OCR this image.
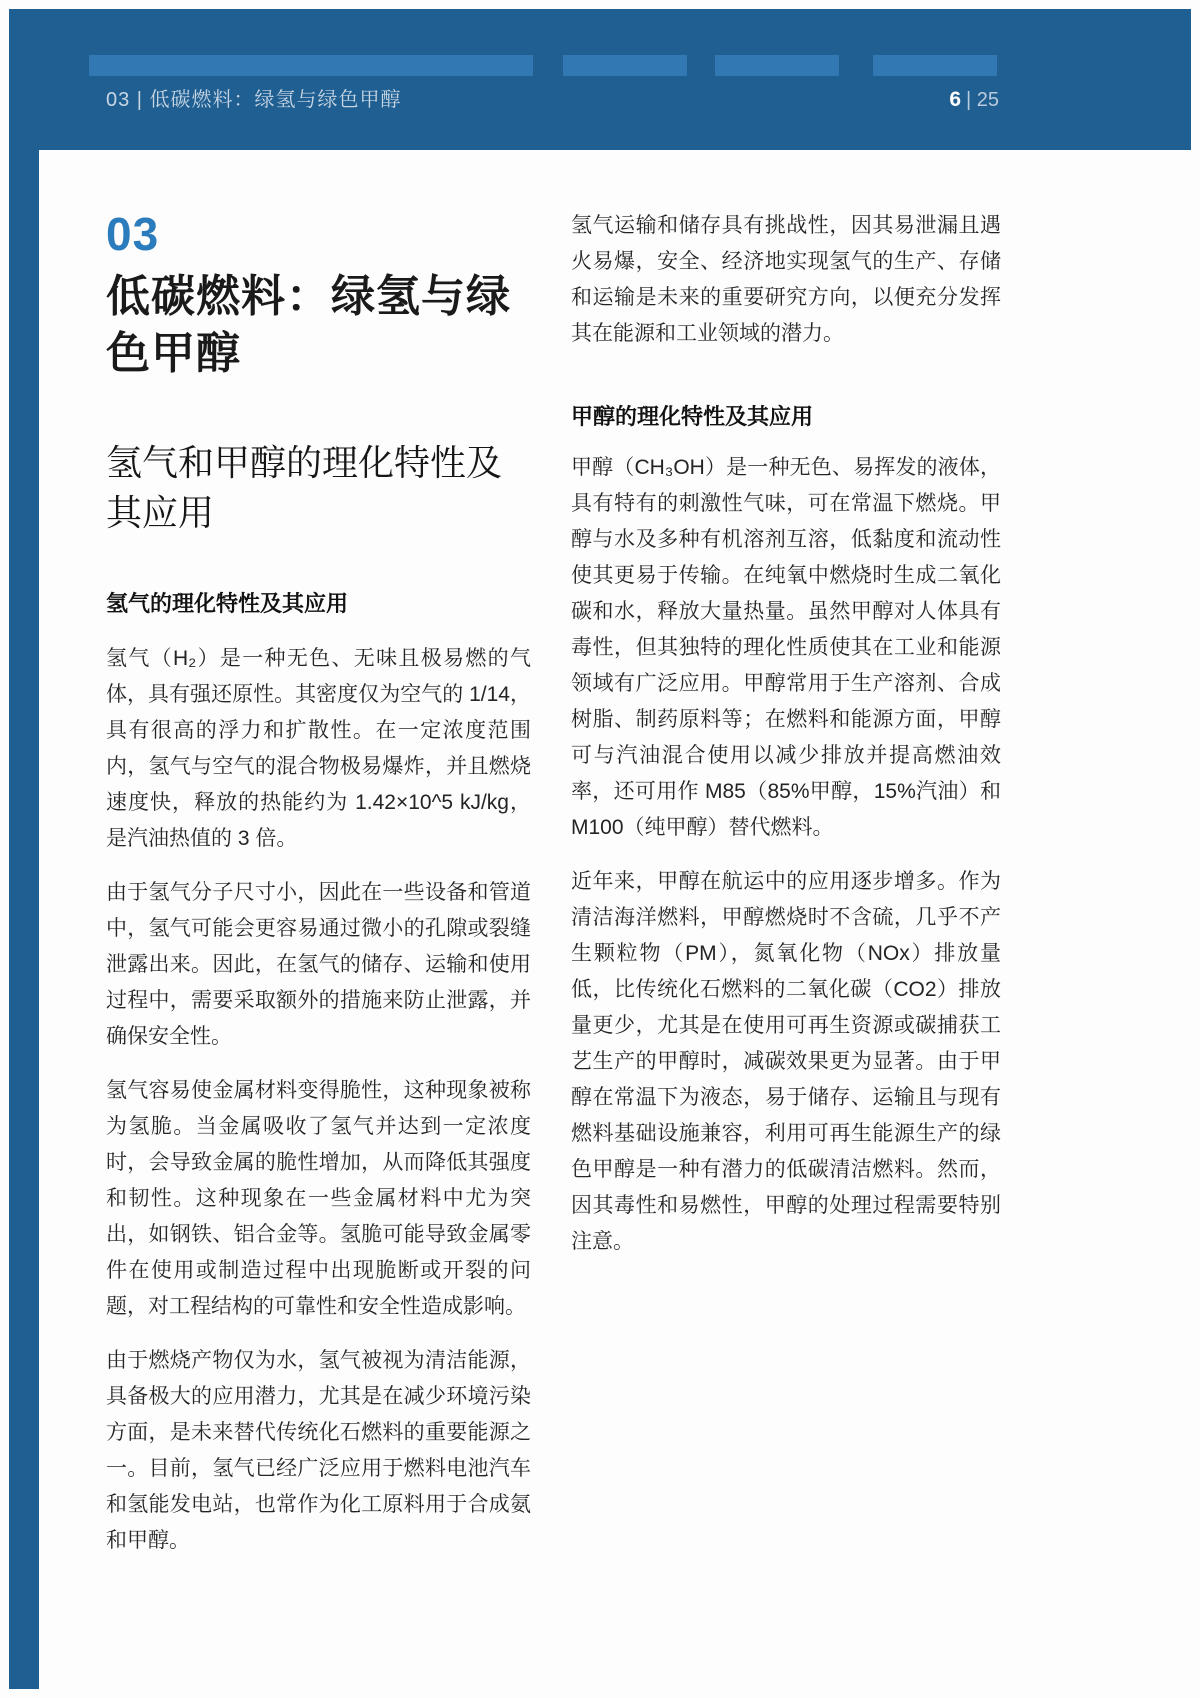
03 | 低碳燃料：绿氢与绿色甲醇	6 | 25
03
低碳燃料：绿氢与绿色甲醇
氢气和甲醇的理化特性及其应用
氢气的理化特性及其应用

氢气（H₂）是一种无色、无味且极易燃的气体，具有强还原性。其密度仅为空气的 1/14，具有很高的浮力和扩散性。在一定浓度范围内，氢气与空气的混合物极易爆炸，并且燃烧速度快，释放的热能约为 1.42×10^5 kJ/kg，是汽油热值的 3 倍。

由于氢气分子尺寸小，因此在一些设备和管道中，氢气可能会更容易通过微小的孔隙或裂缝泄露出来。因此，在氢气的储存、运输和使用过程中，需要采取额外的措施来防止泄露，并确保安全性。

氢气容易使金属材料变得脆性，这种现象被称为氢脆。当金属吸收了氢气并达到一定浓度时，会导致金属的脆性增加，从而降低其强度和韧性。这种现象在一些金属材料中尤为突出，如钢铁、铝合金等。氢脆可能导致金属零件在使用或制造过程中出现脆断或开裂的问题，对工程结构的可靠性和安全性造成影响。

由于燃烧产物仅为水，氢气被视为清洁能源，具备极大的应用潜力，尤其是在减少环境污染方面，是未来替代传统化石燃料的重要能源之一。目前，氢气已经广泛应用于燃料电池汽车和氢能发电站，也常作为化工原料用于合成氨和甲醇。

氢气运输和储存具有挑战性，因其易泄漏且遇火易爆，安全、经济地实现氢气的生产、存储和运输是未来的重要研究方向，以便充分发挥其在能源和工业领域的潜力。

甲醇的理化特性及其应用

甲醇（CH₃OH）是一种无色、易挥发的液体，具有特有的刺激性气味，可在常温下燃烧。甲醇与水及多种有机溶剂互溶，低黏度和流动性使其更易于传输。在纯氧中燃烧时生成二氧化碳和水，释放大量热量。虽然甲醇对人体具有毒性，但其独特的理化性质使其在工业和能源领域有广泛应用。甲醇常用于生产溶剂、合成树脂、制药原料等；在燃料和能源方面，甲醇可与汽油混合使用以减少排放并提高燃油效率，还可用作 M85（85%甲醇，15%汽油）和 M100（纯甲醇）替代燃料。

近年来，甲醇在航运中的应用逐步增多。作为清洁海洋燃料，甲醇燃烧时不含硫，几乎不产生颗粒物（PM），氮氧化物（NOx）排放量低，比传统化石燃料的二氧化碳（CO2）排放量更少，尤其是在使用可再生资源或碳捕获工艺生产的甲醇时，减碳效果更为显著。由于甲醇在常温下为液态，易于储存、运输且与现有燃料基础设施兼容，利用可再生能源生产的绿色甲醇是一种有潜力的低碳清洁燃料。然而，因其毒性和易燃性，甲醇的处理过程需要特别注意。
